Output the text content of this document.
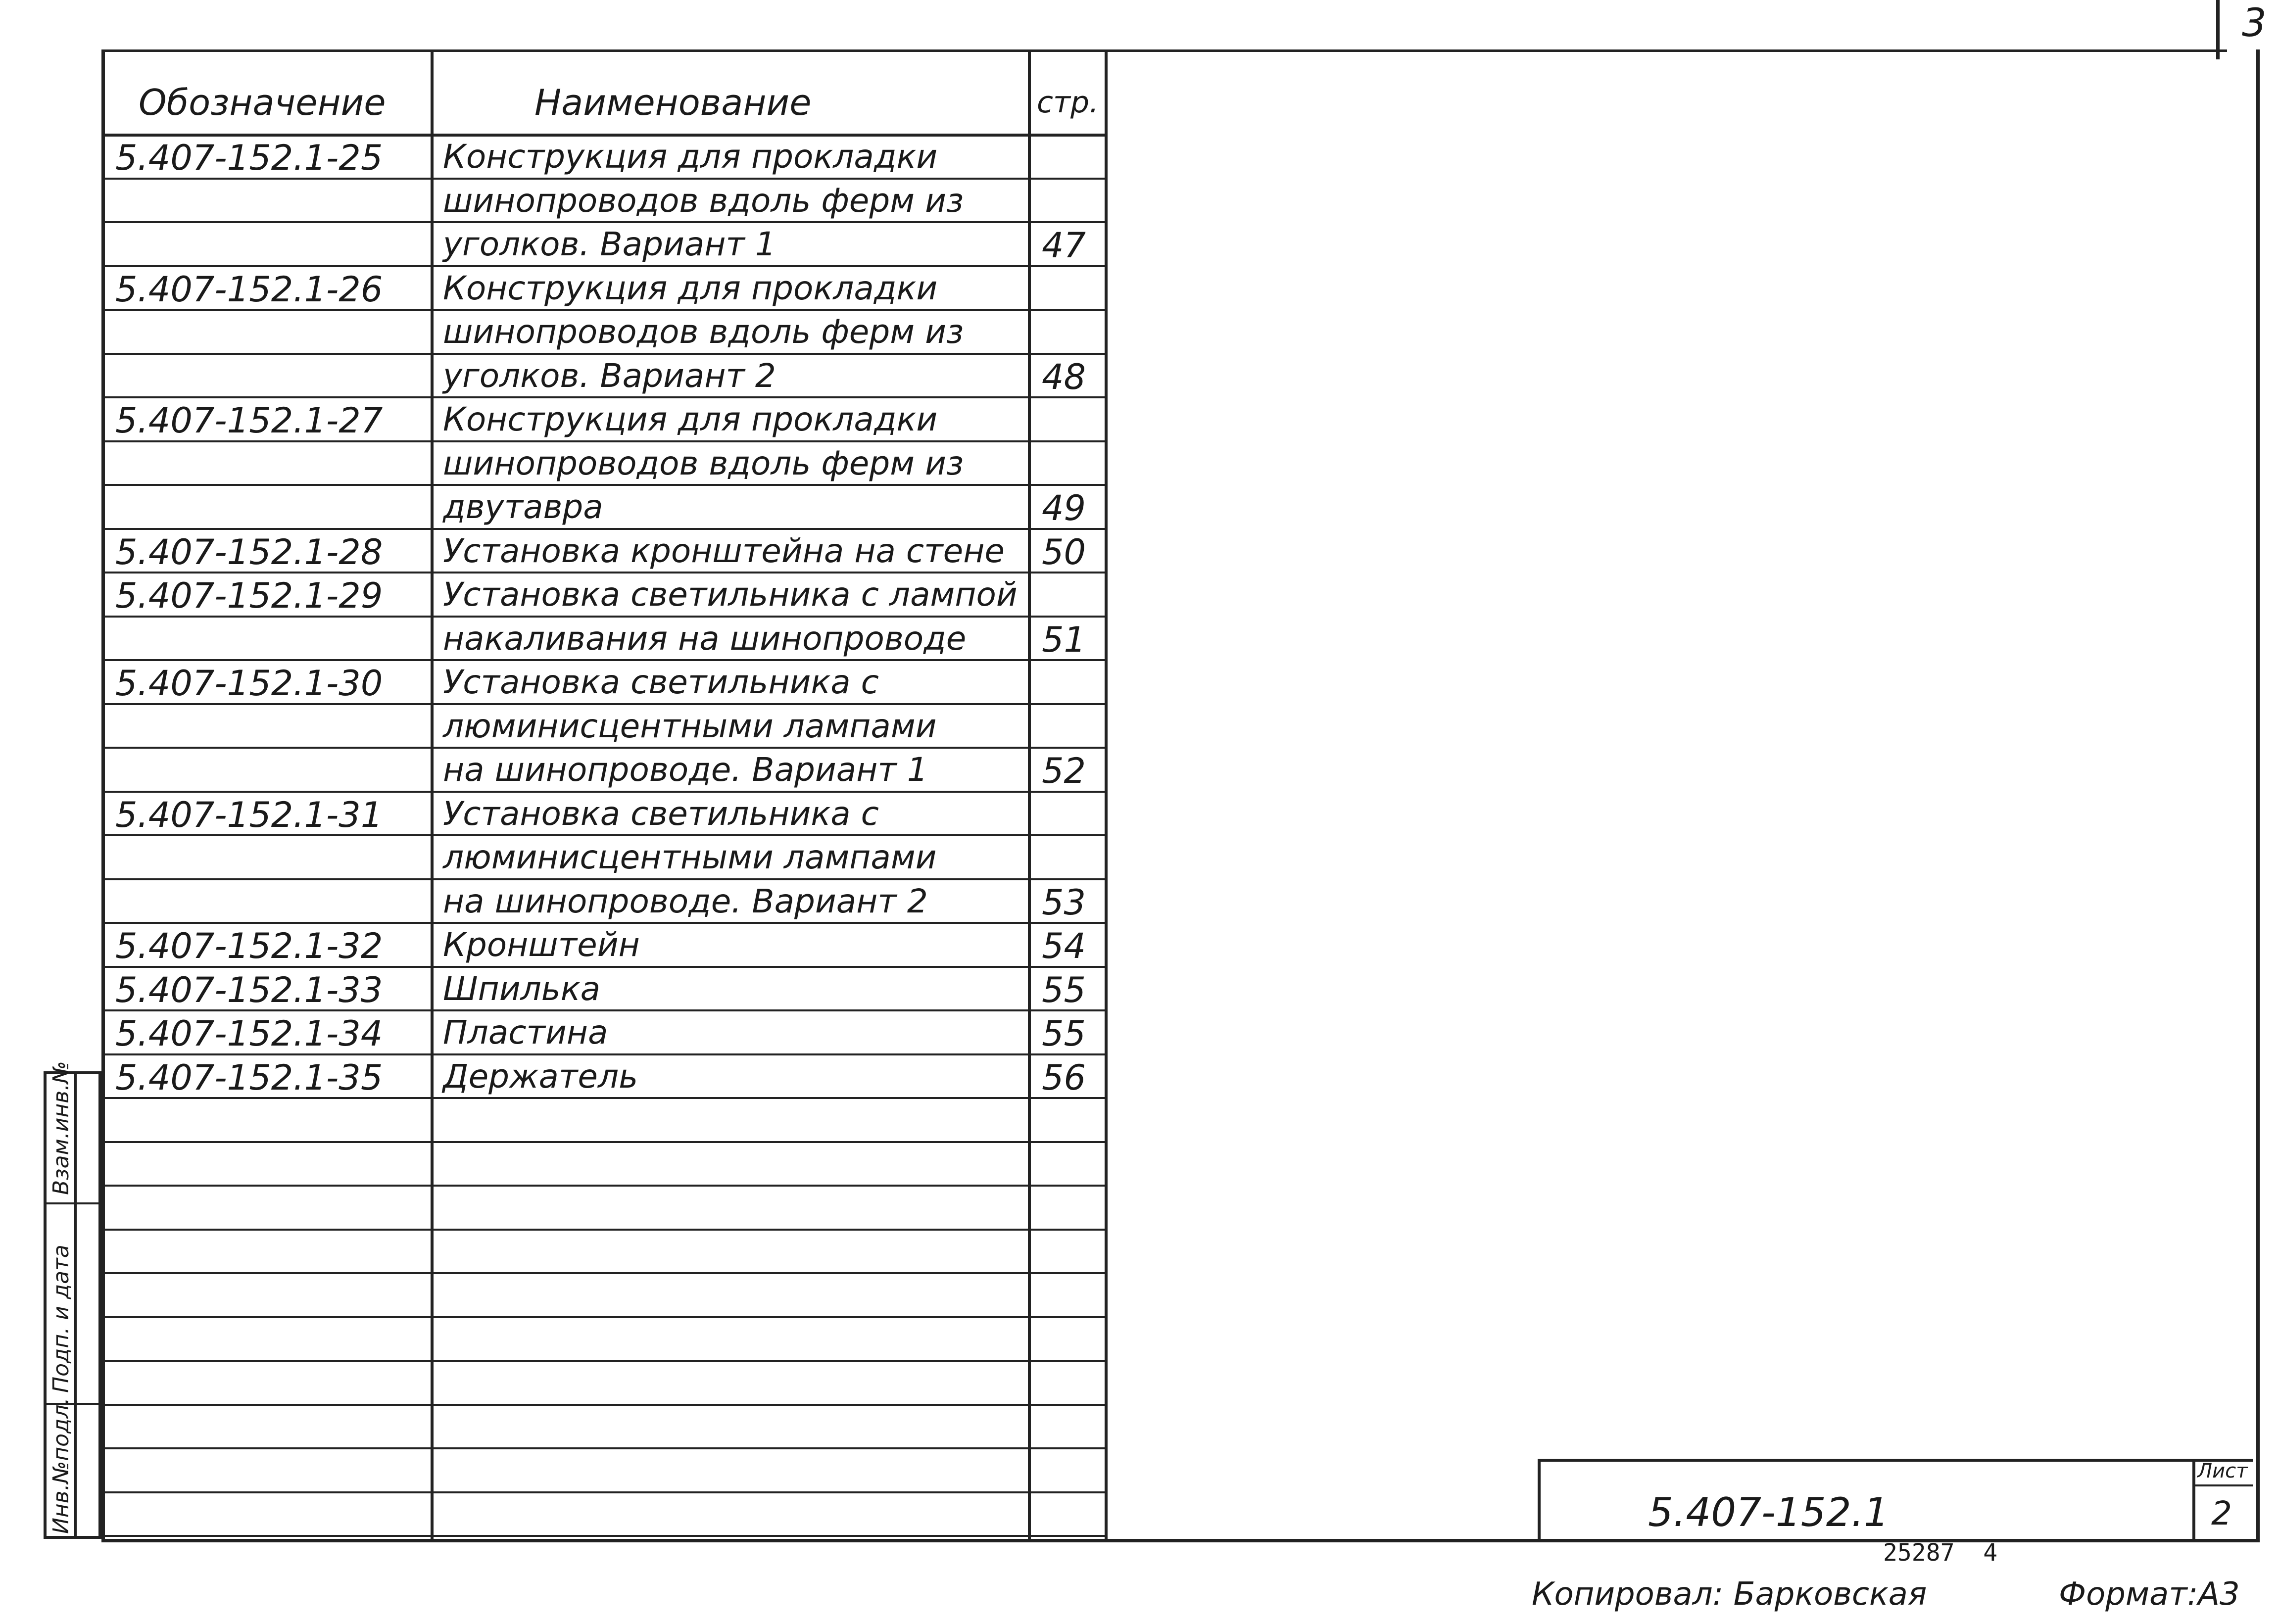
3
Обозначение	Наименование	стр.
5.407-152.1-25 Конструкция для прокладки
шинопроводов вдоль ферм из
уголков. Вариант 1	47
5.407-152.1-26 Конструкция для прокладки
шинопроводов вдоль ферм из
уголков. Вариант 2	48
5.407-152.1-27 Конструкция для прокладки
шинопроводов вдоль ферм из
двутавра	49
5.407-152.1-28 Установка кронштейна на стене 50
5.407-152.1-29 Установка светильника с лампой
накаливания на шинопроводе 51
5.407-152.1-30 Установка светильника с
люминисцентными лампами
на шинопроводе. Вариант 1	52
5.407-152.1-31 Установка светильника с
люминисцентными лампами
на шинопроводе. Вариант 2	53
5.407-152.1-32 Кронштейн	54
5.407-152.1-33 Шпилька	55
5.407-152.1-34 Пластина	55
5.407-152.1-35 Держатель	56
Взам.инв.№
Подп. и дата
Инв.№подл.	5.407-152.1
Лист
2
25287  4
Копировал: Барковская	Формат:А3
